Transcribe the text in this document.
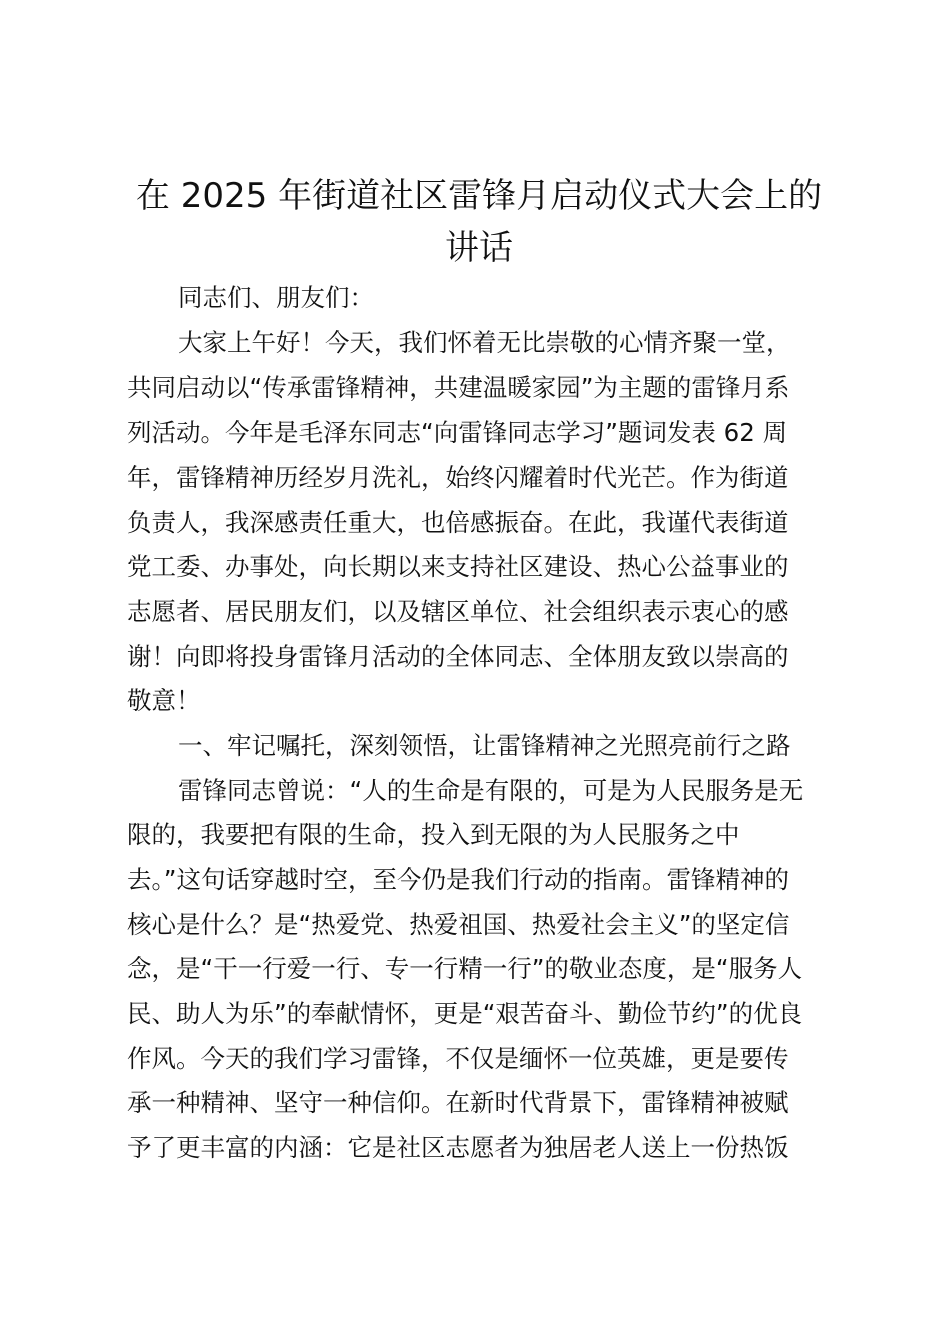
在 2025 年街道社区雷锋月启动仪式大会上的
讲话
同志们、朋友们：
大家上午好！今天，我们怀着无比崇敬的心情齐聚一堂，
共同启动以“传承雷锋精神，共建温暖家园”为主题的雷锋月系
列活动。今年是毛泽东同志“向雷锋同志学习”题词发表 62 周
年，雷锋精神历经岁月洗礼，始终闪耀着时代光芒。作为街道
负责人，我深感责任重大，也倍感振奋。在此，我谨代表街道
党工委、办事处，向长期以来支持社区建设、热心公益事业的
志愿者、居民朋友们，以及辖区单位、社会组织表示衷心的感
谢！向即将投身雷锋月活动的全体同志、全体朋友致以崇高的
敬意！
一、牢记嘱托，深刻领悟，让雷锋精神之光照亮前行之路
雷锋同志曾说：“人的生命是有限的，可是为人民服务是无
限的，我要把有限的生命，投入到无限的为人民服务之中
去。”这句话穿越时空，至今仍是我们行动的指南。雷锋精神的
核心是什么？是“热爱党、热爱祖国、热爱社会主义”的坚定信
念，是“干一行爱一行、专一行精一行”的敬业态度，是“服务人
民、助人为乐”的奉献情怀，更是“艰苦奋斗、勤俭节约”的优良
作风。今天的我们学习雷锋，不仅是缅怀一位英雄，更是要传
承一种精神、坚守一种信仰。在新时代背景下，雷锋精神被赋
予了更丰富的内涵：它是社区志愿者为独居老人送上一份热饭
